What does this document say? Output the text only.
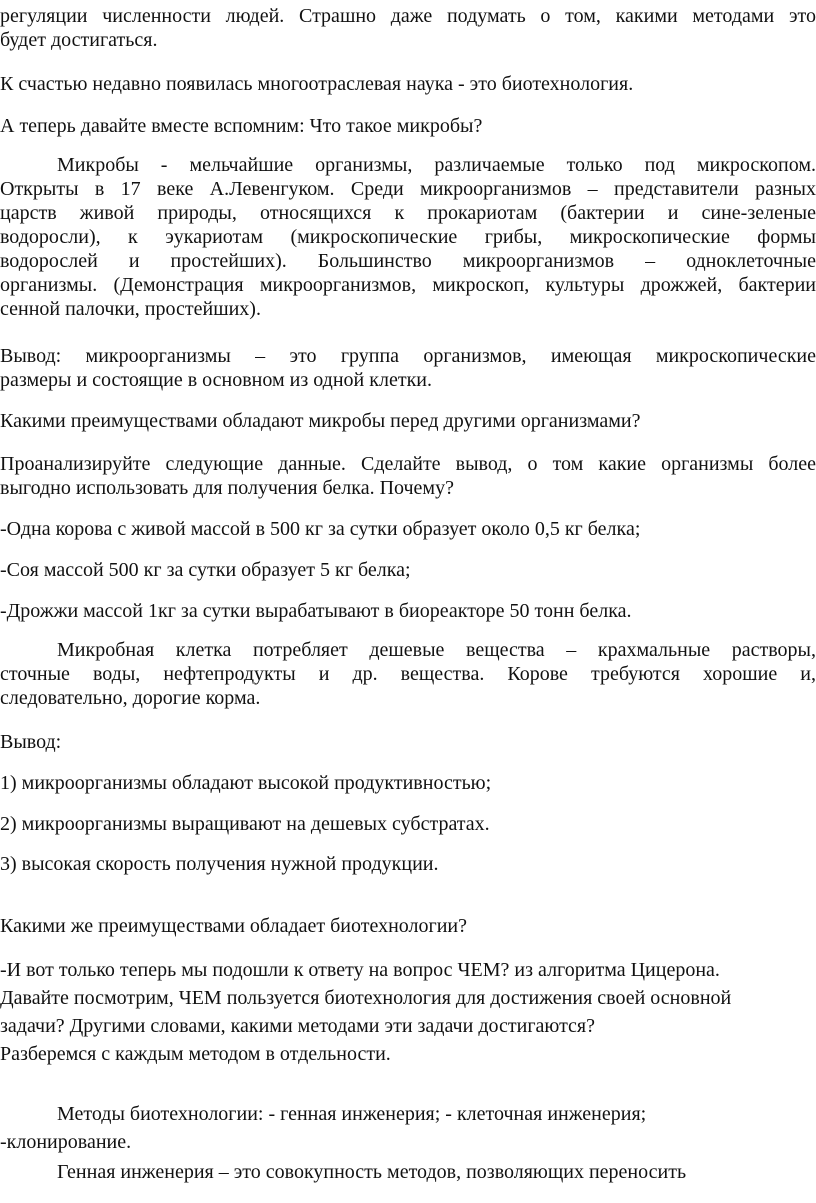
регуляции численности людей. Страшно даже подумать о том, какими методами это

будет достигаться.

К счастью недавно появилась многоотраслевая наука - это биотехнология.

А теперь давайте вместе вспомним: Что такое микробы?

Микробы - мельчайшие организмы, различаемые только под микроскопом.

Открыты в 17 веке А.Левенгуком. Среди микроорганизмов – представители разных

царств живой природы, относящихся к прокариотам (бактерии и сине-зеленые

водоросли), к эукариотам (микроскопические грибы, микроскопические формы

водорослей и простейших). Большинство микроорганизмов – одноклеточные

организмы. (Демонстрация микроорганизмов, микроскоп, культуры дрожжей, бактерии

сенной палочки, простейших).

Вывод: микроорганизмы – это группа организмов, имеющая микроскопические

размеры и состоящие в основном из одной клетки.

Какими преимуществами обладают микробы перед другими организмами?

Проанализируйте следующие данные. Сделайте вывод, о том какие организмы более

выгодно использовать для получения белка. Почему?

-Одна корова с живой массой в 500 кг за сутки образует около 0,5 кг белка;

-Соя массой 500 кг за сутки образует 5 кг белка;

-Дрожжи массой 1кг за сутки вырабатывают в биореакторе 50 тонн белка.

Микробная клетка потребляет дешевые вещества – крахмальные растворы,

сточные воды, нефтепродукты и др. вещества. Корове требуются хорошие и,

следовательно, дорогие корма.

Вывод:

1) микроорганизмы обладают высокой продуктивностью;

2) микроорганизмы выращивают на дешевых субстратах.

3) высокая скорость получения нужной продукции.

Какими же преимуществами обладает биотехнологии?

-И вот только теперь мы подошли к ответу на вопрос ЧЕМ? из алгоритма Цицерона.

Давайте посмотрим, ЧЕМ пользуется биотехнология для достижения своей основной

задачи? Другими словами, какими методами эти задачи достигаются?

Разберемся с каждым методом в отдельности.

Методы биотехнологии: - генная инженерия; - клеточная инженерия;

-клонирование.

Генная инженерия – это совокупность методов, позволяющих переносить
